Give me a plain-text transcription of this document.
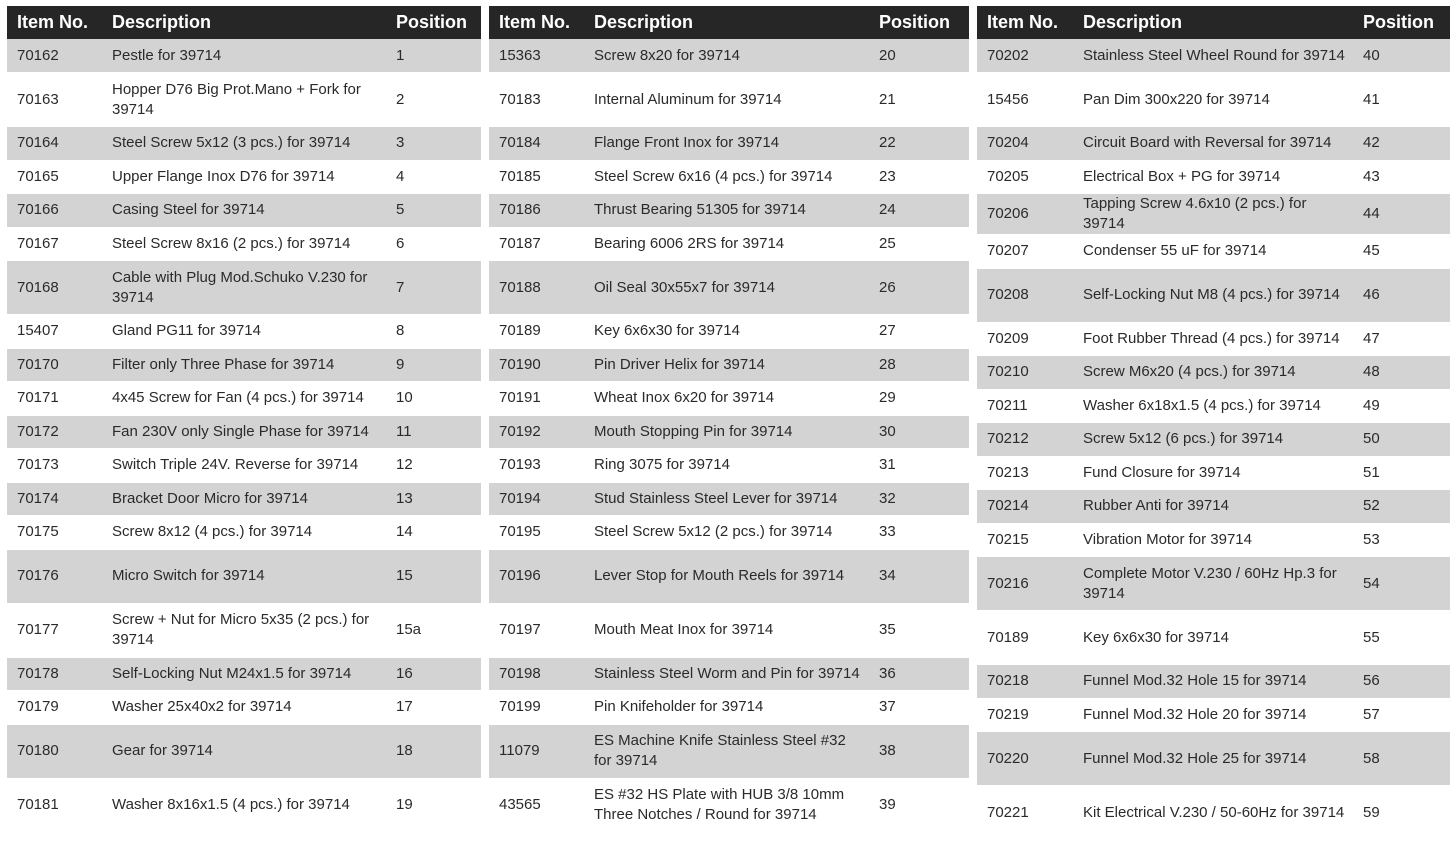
Item No.	Description	Position
70162	Pestle for 39714	1
70163	Hopper D76 Big Prot.Mano + Fork for 39714	2
70164	Steel Screw 5x12 (3 pcs.) for 39714	3
70165	Upper Flange Inox D76 for 39714	4
70166	Casing Steel for 39714	5
70167	Steel Screw 8x16 (2 pcs.) for 39714	6
70168	Cable with Plug Mod.Schuko V.230 for 39714	7
15407	Gland PG11 for 39714	8
70170	Filter only Three Phase for 39714	9
70171	4x45 Screw for Fan (4 pcs.) for 39714	10
70172	Fan 230V only Single Phase for 39714	11
70173	Switch Triple 24V. Reverse for 39714	12
70174	Bracket Door Micro for 39714	13
70175	Screw 8x12 (4 pcs.) for 39714	14
70176	Micro Switch for 39714	15
70177	Screw + Nut for Micro 5x35 (2 pcs.) for 39714	15a
70178	Self-Locking Nut M24x1.5 for 39714	16
70179	Washer 25x40x2 for 39714	17
70180	Gear for 39714	18
70181	Washer 8x16x1.5 (4 pcs.) for 39714	19
Item No.	Description	Position
15363	Screw 8x20 for 39714	20
70183	Internal Aluminum for 39714	21
70184	Flange Front Inox for 39714	22
70185	Steel Screw 6x16 (4 pcs.) for 39714	23
70186	Thrust Bearing 51305 for 39714	24
70187	Bearing 6006 2RS for 39714	25
70188	Oil Seal 30x55x7 for 39714	26
70189	Key 6x6x30 for 39714	27
70190	Pin Driver Helix for 39714	28
70191	Wheat Inox 6x20 for 39714	29
70192	Mouth Stopping Pin for 39714	30
70193	Ring 3075 for 39714	31
70194	Stud Stainless Steel Lever for 39714	32
70195	Steel Screw 5x12 (2 pcs.) for 39714	33
70196	Lever Stop for Mouth Reels for 39714	34
70197	Mouth Meat Inox for 39714	35
70198	Stainless Steel Worm and Pin for 39714	36
70199	Pin Knifeholder for 39714	37
11079	ES Machine Knife Stainless Steel #32 for 39714	38
43565	ES #32 HS Plate with HUB 3/8 10mm Three Notches / Round for 39714	39
Item No.	Description	Position
70202	Stainless Steel Wheel Round for 39714	40
15456	Pan Dim 300x220 for 39714	41
70204	Circuit Board with Reversal for 39714	42
70205	Electrical Box + PG for 39714	43
70206	Tapping Screw 4.6x10 (2 pcs.) for 39714	44
70207	Condenser 55 uF for 39714	45
70208	Self-Locking Nut M8 (4 pcs.) for 39714	46
70209	Foot Rubber Thread (4 pcs.) for 39714	47
70210	Screw M6x20 (4 pcs.) for 39714	48
70211	Washer 6x18x1.5 (4 pcs.) for 39714	49
70212	Screw 5x12 (6 pcs.) for 39714	50
70213	Fund Closure for 39714	51
70214	Rubber Anti for 39714	52
70215	Vibration Motor for 39714	53
70216	Complete Motor V.230 / 60Hz Hp.3 for 39714	54
70189	Key 6x6x30 for 39714	55
70218	Funnel Mod.32 Hole 15 for 39714	56
70219	Funnel Mod.32 Hole 20 for 39714	57
70220	Funnel Mod.32 Hole 25 for 39714	58
70221	Kit Electrical V.230 / 50-60Hz for 39714	59
